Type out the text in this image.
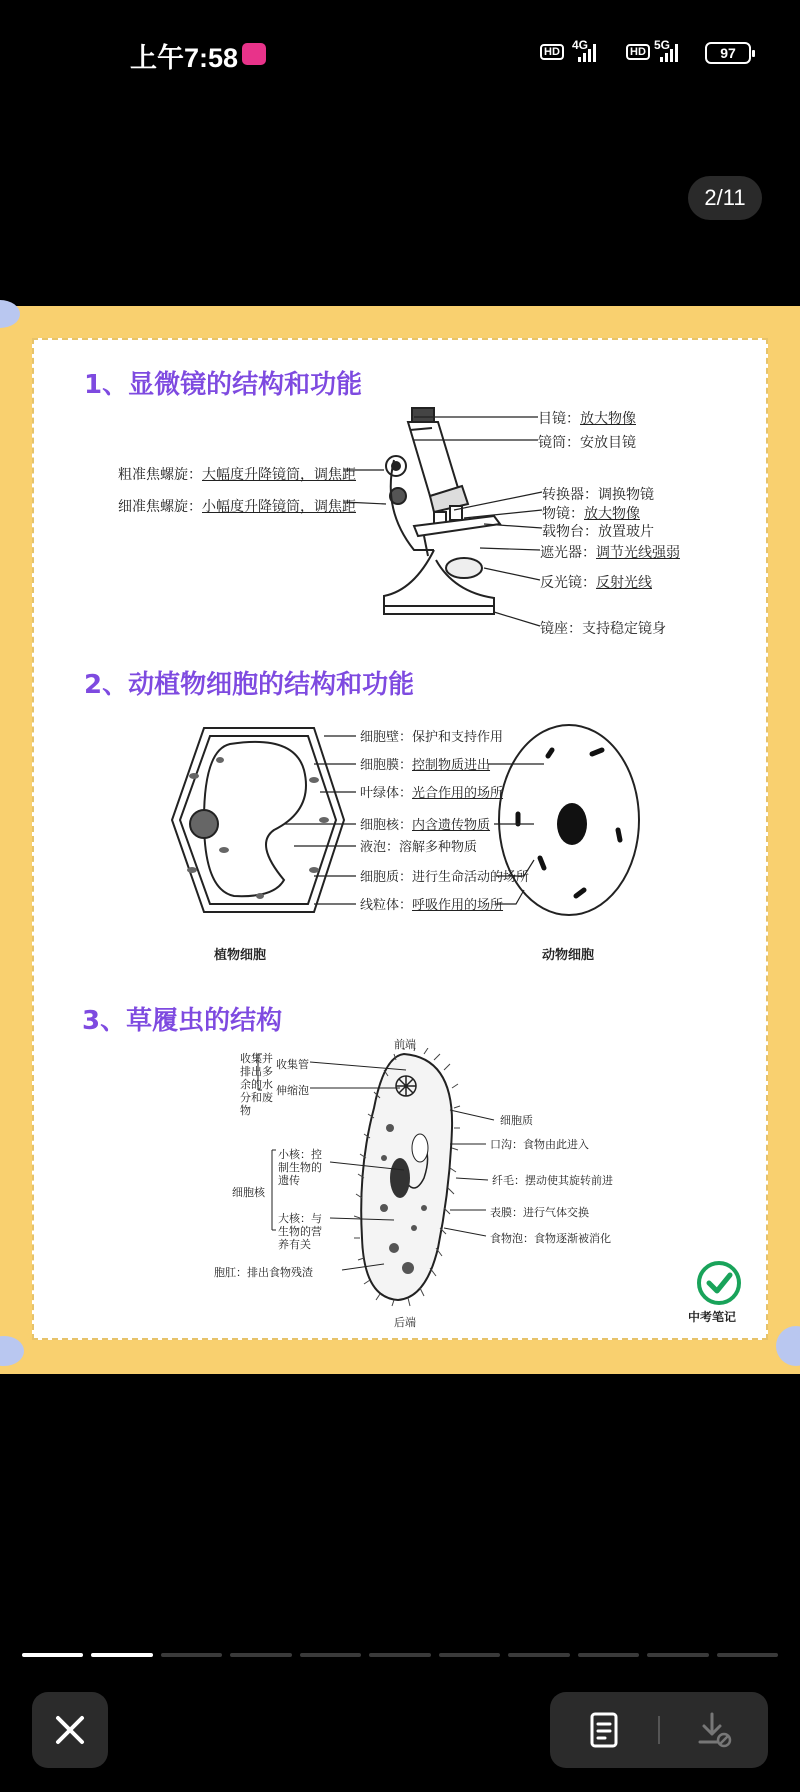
上午7:58	HD	4G	HD 5G	97
2/11
1、显微镜的结构和功能
目镜：放大物像
镜筒：安放目镜
粗准焦螺旋：大幅度升降镜筒，调焦距
细准焦螺旋：小幅度升降镜筒，调焦距
转换器：调换物镜
物镜：放大物像
载物台：放置玻片
遮光器：调节光线强弱
反光镜：反射光线
镜座：支持稳定镜身
2、动植物细胞的结构和功能
细胞壁：保护和支持作用
细胞膜：控制物质进出
叶绿体：光合作用的场所
细胞核：内含遗传物质
液泡：溶解多种物质
细胞质：进行生命活动的场所
线粒体：呼吸作用的场所
植物细胞	动物细胞
3、草履虫的结构
前端
后端
收集并
排出多
余的水
分和废
物
收集管
伸缩泡
细胞质
口沟：食物由此进入
纤毛：摆动使其旋转前进
表膜：进行气体交换
食物泡：食物逐渐被消化
细胞核
小核：控
制生物的
遗传
大核：与
生物的营
养有关
胞肛：排出食物残渣
中考笔记
